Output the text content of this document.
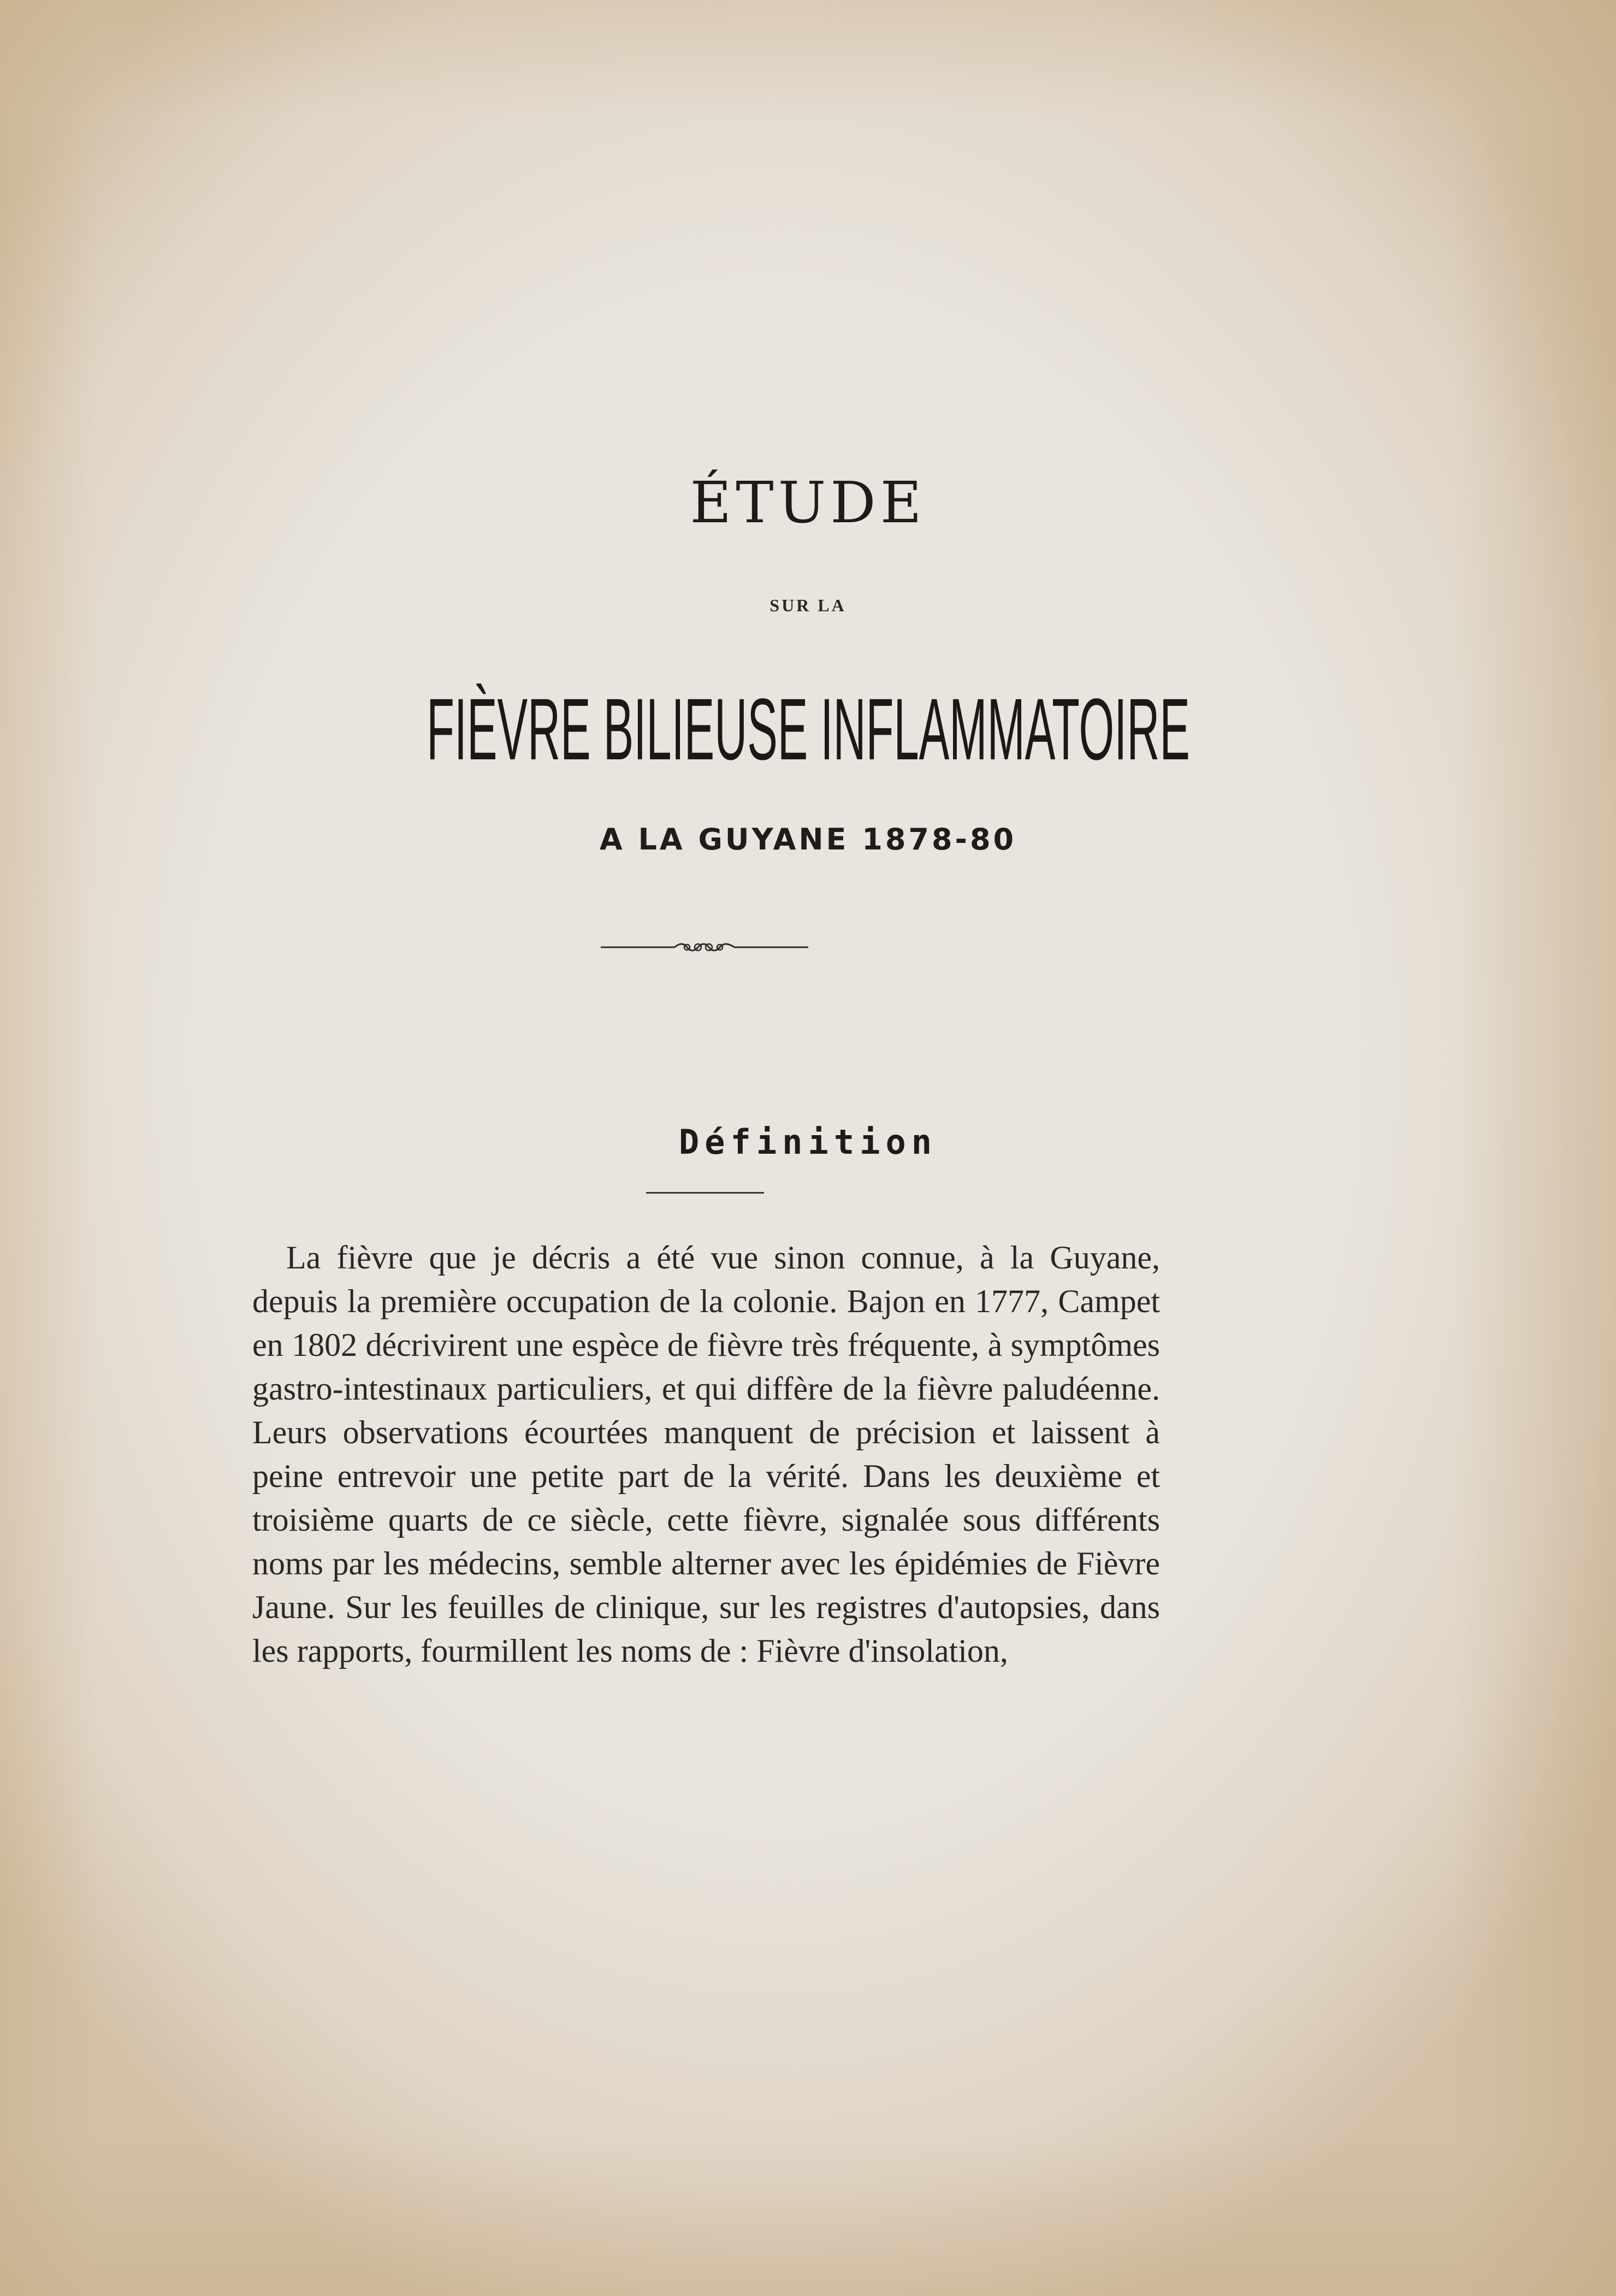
ÉTUDE
SUR LA
FIÈVRE BILIEUSE INFLAMMATOIRE
A LA GUYANE 1878-80
Définition

La fièvre que je décris a été vue sinon connue, à la Guyane, depuis la première occupation de la colonie. Bajon en 1777, Campet en 1802 décrivirent une espèce de fièvre très fréquente, à symptômes gastro-intestinaux particuliers, et qui diffère de la fièvre paludéenne. Leurs observations écourtées manquent de précision et laissent à peine entrevoir une petite part de la vérité. Dans les deuxième et troisième quarts de ce siècle, cette fièvre, signalée sous différents noms par les médecins, semble alterner avec les épidémies de Fièvre Jaune. Sur les feuilles de clinique, sur les registres d'autopsies, dans les rapports, fourmillent les noms de : Fièvre d'insolation,
